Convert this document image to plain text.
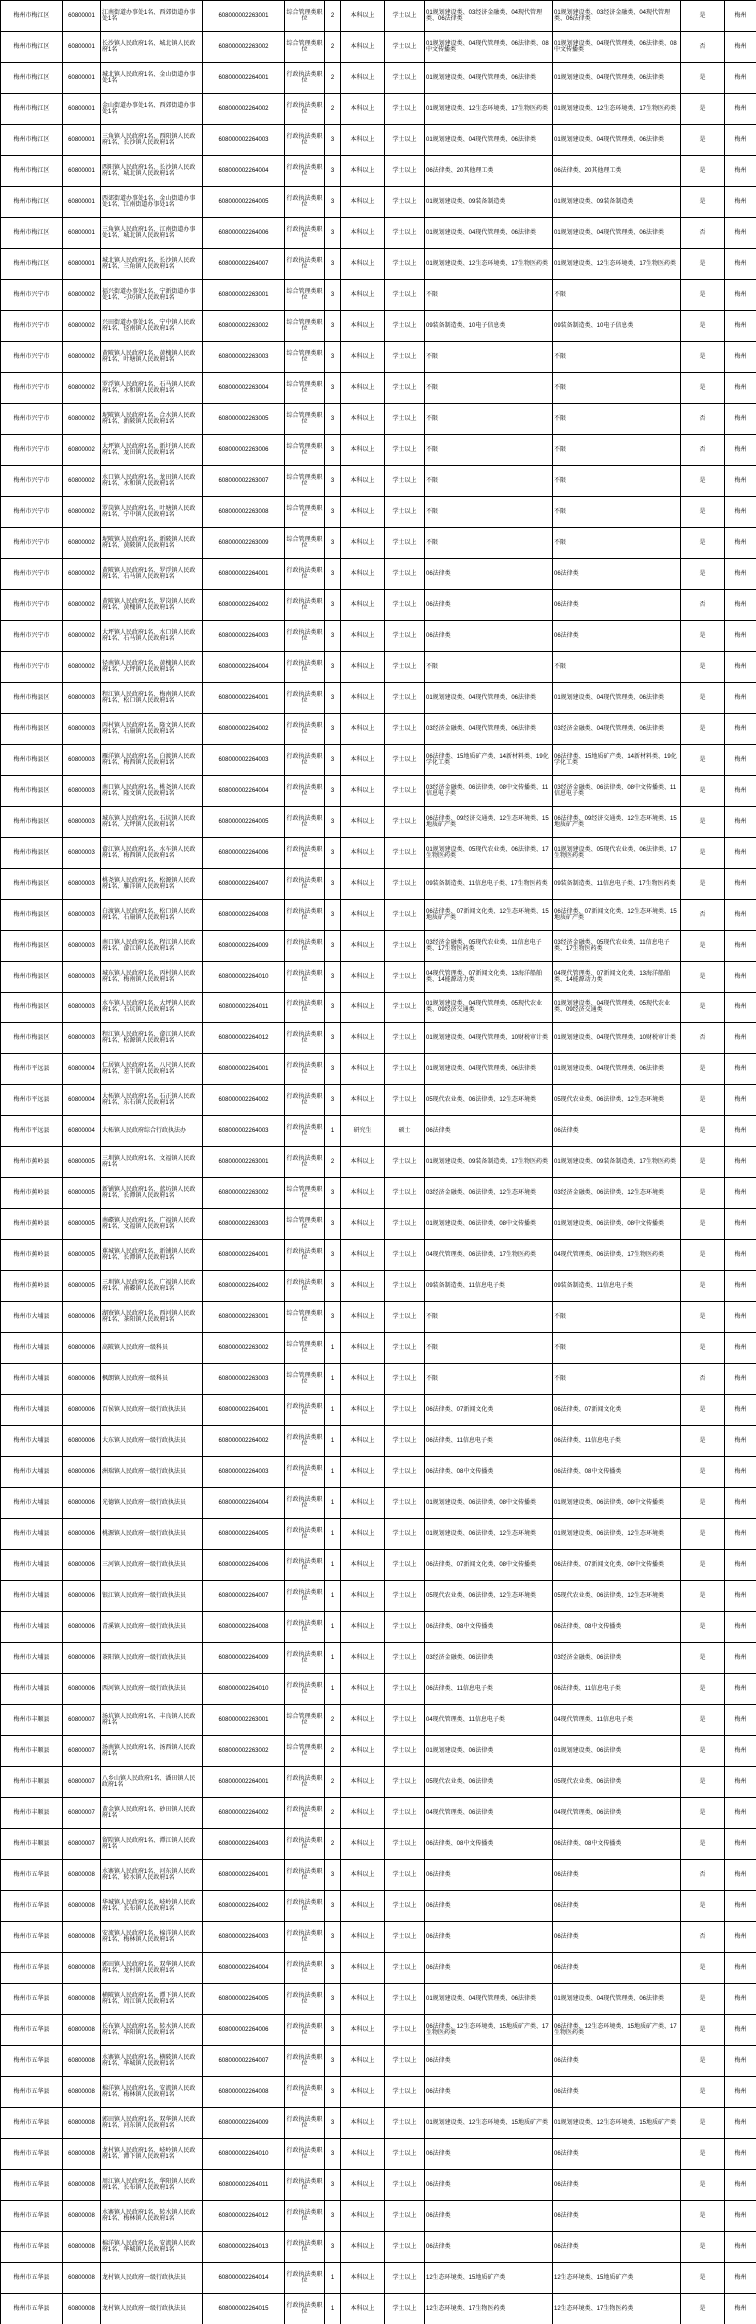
梅州市梅江区	60800001	江南街道办事处1名、西郊街道办事处1名	608000002263001	综合管理类职位	2	本科以上	学士以上	01规划建设类、03经济金融类、04现代管理类、06法律类	01规划建设类、03经济金融类、04现代管理类、06法律类	是	梅州
梅州市梅江区	60800001	长沙镇人民政府1名、城北镇人民政府1名	608000002263002	综合管理类职位	2	本科以上	学士以上	01规划建设类、04现代管理类、06法律类、08中文传播类	01规划建设类、04现代管理类、06法律类、08中文传播类	否	梅州
梅州市梅江区	60800001	城北镇人民政府1名、金山街道办事处1名	608000002264001	行政执法类职位	2	本科以上	学士以上	01规划建设类、04现代管理类、06法律类	01规划建设类、04现代管理类、06法律类	是	梅州
梅州市梅江区	60800001	金山街道办事处1名、西郊街道办事处1名	608000002264002	行政执法类职位	2	本科以上	学士以上	01规划建设类、12生态环境类、17生物医药类	01规划建设类、12生态环境类、17生物医药类	是	梅州
梅州市梅江区	60800001	三角镇人民政府1名、西阳镇人民政府1名、长沙镇人民政府1名	608000002264003	行政执法类职位	3	本科以上	学士以上	01规划建设类、04现代管理类、06法律类	01规划建设类、04现代管理类、06法律类	是	梅州
梅州市梅江区	60800001	西阳镇人民政府1名、长沙镇人民政府1名、城北镇人民政府1名	608000002264004	行政执法类职位	3	本科以上	学士以上	06法律类、20其他理工类	06法律类、20其他理工类	是	梅州
梅州市梅江区	60800001	西郊街道办事处1名、金山街道办事处1名、江南街道办事处1名	608000002264005	行政执法类职位	3	本科以上	学士以上	01规划建设类、09装备制造类	01规划建设类、09装备制造类	是	梅州
梅州市梅江区	60800001	三角镇人民政府1名、江南街道办事处1名、城北镇人民政府1名	608000002264006	行政执法类职位	3	本科以上	学士以上	01规划建设类、04现代管理类、06法律类	01规划建设类、04现代管理类、06法律类	否	梅州
梅州市梅江区	60800001	城北镇人民政府1名、长沙镇人民政府1名、三角镇人民政府1名	608000002264007	行政执法类职位	3	本科以上	学士以上	01规划建设类、12生态环境类、17生物医药类	01规划建设类、12生态环境类、17生物医药类	是	梅州
梅州市兴宁市	60800002	福兴街道办事处1名、宁新街道办事处1名、刁坊镇人民政府1名	608000002263001	综合管理类职位	3	本科以上	学士以上	不限	不限	是	梅州
梅州市兴宁市	60800002	兴田街道办事处1名、宁中镇人民政府1名、径南镇人民政府1名	608000002263002	综合管理类职位	3	本科以上	学士以上	09装备制造类、10电子信息类	09装备制造类、10电子信息类	是	梅州
梅州市兴宁市	60800002	黄陂镇人民政府1名、黄槐镇人民政府1名、叶塘镇人民政府1名	608000002263003	综合管理类职位	3	本科以上	学士以上	不限	不限	是	梅州
梅州市兴宁市	60800002	罗浮镇人民政府1名、石马镇人民政府1名、永和镇人民政府1名	608000002263004	综合管理类职位	3	本科以上	学士以上	不限	不限	是	梅州
梅州市兴宁市	60800002	坭陂镇人民政府1名、合水镇人民政府1名、新陂镇人民政府1名	608000002263005	综合管理类职位	3	本科以上	学士以上	不限	不限	否	梅州
梅州市兴宁市	60800002	大坪镇人民政府1名、新圩镇人民政府1名、龙田镇人民政府1名	608000002263006	综合管理类职位	3	本科以上	学士以上	不限	不限	否	梅州
梅州市兴宁市	60800002	水口镇人民政府1名、龙田镇人民政府1名、永和镇人民政府1名	608000002263007	综合管理类职位	3	本科以上	学士以上	不限	不限	是	梅州
梅州市兴宁市	60800002	罗岗镇人民政府1名、叶塘镇人民政府1名、宁中镇人民政府1名	608000002263008	综合管理类职位	3	本科以上	学士以上	不限	不限	是	梅州
梅州市兴宁市	60800002	坭陂镇人民政府1名、新陂镇人民政府1名、黄陂镇人民政府1名	608000002263009	综合管理类职位	3	本科以上	学士以上	不限	不限	是	梅州
梅州市兴宁市	60800002	黄陂镇人民政府1名、罗浮镇人民政府1名、石马镇人民政府1名	608000002264001	行政执法类职位	3	本科以上	学士以上	06法律类	06法律类	是	梅州
梅州市兴宁市	60800002	黄陂镇人民政府1名、罗岗镇人民政府1名、黄槐镇人民政府1名	608000002264002	行政执法类职位	3	本科以上	学士以上	06法律类	06法律类	否	梅州
梅州市兴宁市	60800002	大坪镇人民政府1名、水口镇人民政府1名、石马镇人民政府1名	608000002264003	行政执法类职位	3	本科以上	学士以上	06法律类	06法律类	是	梅州
梅州市兴宁市	60800002	径南镇人民政府1名、黄槐镇人民政府1名、大坪镇人民政府1名	608000002264004	行政执法类职位	3	本科以上	学士以上	不限	不限	是	梅州
梅州市梅县区	60800003	程江镇人民政府1名、梅南镇人民政府1名、松口镇人民政府1名	608000002264001	行政执法类职位	3	本科以上	学士以上	01规划建设类、04现代管理类、06法律类	01规划建设类、04现代管理类、06法律类	是	梅州
梅州市梅县区	60800003	丙村镇人民政府1名、隆文镇人民政府1名、石扇镇人民政府1名	608000002264002	行政执法类职位	3	本科以上	学士以上	03经济金融类、04现代管理类、06法律类	03经济金融类、04现代管理类、06法律类	是	梅州
梅州市梅县区	60800003	雁洋镇人民政府1名、白渡镇人民政府1名、梅西镇人民政府1名	608000002264003	行政执法类职位	3	本科以上	学士以上	06法律类、15地质矿产类、14新材料类、19化学化工类	06法律类、15地质矿产类、14新材料类、19化学化工类	是	梅州
梅州市梅县区	60800003	南口镇人民政府1名、桃尧镇人民政府1名、隆文镇人民政府1名	608000002264004	行政执法类职位	3	本科以上	学士以上	03经济金融类、06法律类、08中文传播类、11信息电子类	03经济金融类、06法律类、08中文传播类、11信息电子类	是	梅州
梅州市梅县区	60800003	城东镇人民政府1名、石坑镇人民政府1名、大坪镇人民政府1名	608000002264005	行政执法类职位	3	本科以上	学士以上	06法律类、09经济交通类、12生态环境类、15地质矿产类	06法律类、09经济交通类、12生态环境类、15地质矿产类	是	梅州
梅州市梅县区	60800003	畲江镇人民政府1名、水车镇人民政府1名、梅西镇人民政府1名	608000002264006	行政执法类职位	3	本科以上	学士以上	01规划建设类、05现代农业类、06法律类、17生物医药类	01规划建设类、05现代农业类、06法律类、17生物医药类	是	梅州
梅州市梅县区	60800003	桃尧镇人民政府1名、松源镇人民政府1名、雁洋镇人民政府1名	608000002264007	行政执法类职位	3	本科以上	学士以上	09装备制造类、11信息电子类、17生物医药类	09装备制造类、11信息电子类、17生物医药类	是	梅州
梅州市梅县区	60800003	白渡镇人民政府1名、松口镇人民政府1名、石扇镇人民政府1名	608000002264008	行政执法类职位	3	本科以上	学士以上	06法律类、07新闻文化类、12生态环境类、15地质矿产类	06法律类、07新闻文化类、12生态环境类、15地质矿产类	否	梅州
梅州市梅县区	60800003	南口镇人民政府1名、程江镇人民政府1名、畲江镇人民政府1名	608000002264009	行政执法类职位	3	本科以上	学士以上	03经济金融类、05现代农业类、11信息电子类、17生物医药类	03经济金融类、05现代农业类、11信息电子类、17生物医药类	是	梅州
梅州市梅县区	60800003	城东镇人民政府1名、丙村镇人民政府1名、梅南镇人民政府1名	608000002264010	行政执法类职位	3	本科以上	学士以上	04现代管理类、07新闻文化类、13海洋船舶类、14能源动力类	04现代管理类、07新闻文化类、13海洋船舶类、14能源动力类	是	梅州
梅州市梅县区	60800003	水车镇人民政府1名、大坪镇人民政府1名、石坑镇人民政府1名	608000002264011	行政执法类职位	3	本科以上	学士以上	01规划建设类、04现代管理类、05现代农业类、09经济交通类	01规划建设类、04现代管理类、05现代农业类、09经济交通类	是	梅州
梅州市梅县区	60800003	程江镇人民政府1名、畲江镇人民政府1名、松源镇人民政府1名	608000002264012	行政执法类职位	3	本科以上	学士以上	01规划建设类、04现代管理类、10财税审计类	01规划建设类、04现代管理类、10财税审计类	否	梅州
梅州市平远县	60800004	仁居镇人民政府1名、八尺镇人民政府1名、差干镇人民政府1名	608000002264001	行政执法类职位	3	本科以上	学士以上	01规划建设类、04现代管理类、06法律类	01规划建设类、04现代管理类、06法律类	是	梅州
梅州市平远县	60800004	大柘镇人民政府1名、石正镇人民政府1名、东石镇人民政府1名	608000002264002	行政执法类职位	3	本科以上	学士以上	05现代农业类、06法律类、12生态环境类	05现代农业类、06法律类、12生态环境类	是	梅州
梅州市平远县	60800004	大柘镇人民政府综合行政执法办	608000002264003	行政执法类职位	1	研究生	硕士	06法律类	06法律类	是	梅州
梅州市蕉岭县	60800005	三圳镇人民政府1名、文福镇人民政府1名	608000002263001	行政执法类职位	2	本科以上	学士以上	01规划建设类、09装备制造类、17生物医药类	01规划建设类、09装备制造类、17生物医药类	是	梅州
梅州市蕉岭县	60800005	新铺镇人民政府1名、蓝坊镇人民政府1名、长潭镇人民政府1名	608000002263002	综合管理类职位	3	本科以上	学士以上	03经济金融类、06法律类、12生态环境类	03经济金融类、06法律类、12生态环境类	是	梅州
梅州市蕉岭县	60800005	南磜镇人民政府1名、广福镇人民政府1名、文福镇人民政府1名	608000002263003	综合管理类职位	3	本科以上	学士以上	01规划建设类、06法律类、08中文传播类	01规划建设类、06法律类、08中文传播类	是	梅州
梅州市蕉岭县	60800005	蕉城镇人民政府1名、新铺镇人民政府1名、长潭镇人民政府1名	608000002264001	行政执法类职位	3	本科以上	学士以上	04现代管理类、06法律类、17生物医药类	04现代管理类、06法律类、17生物医药类	是	梅州
梅州市蕉岭县	60800005	三圳镇人民政府1名、广福镇人民政府1名、南磜镇人民政府1名	608000002264002	行政执法类职位	3	本科以上	学士以上	09装备制造类、11信息电子类	09装备制造类、11信息电子类	是	梅州
梅州市大埔县	60800006	湖寮镇人民政府1名、西河镇人民政府1名、茶阳镇人民政府1名	608000002263001	综合管理类职位	3	本科以上	学士以上	不限	不限	是	梅州
梅州市大埔县	60800006	高陂镇人民政府一级科员	608000002263002	综合管理类职位	1	本科以上	学士以上	不限	不限	是	梅州
梅州市大埔县	60800006	枫朗镇人民政府一级科员	608000002263003	综合管理类职位	1	本科以上	学士以上	不限	不限	否	梅州
梅州市大埔县	60800006	百侯镇人民政府一级行政执法员	608000002264001	行政执法类职位	1	本科以上	学士以上	06法律类、07新闻文化类	06法律类、07新闻文化类	是	梅州
梅州市大埔县	60800006	大东镇人民政府一级行政执法员	608000002264002	行政执法类职位	1	本科以上	学士以上	06法律类、11信息电子类	06法律类、11信息电子类	是	梅州
梅州市大埔县	60800006	洲瑞镇人民政府一级行政执法员	608000002264003	行政执法类职位	1	本科以上	学士以上	06法律类、08中文传播类	06法律类、08中文传播类	是	梅州
梅州市大埔县	60800006	光德镇人民政府一级行政执法员	608000002264004	行政执法类职位	1	本科以上	学士以上	01规划建设类、06法律类、08中文传播类	01规划建设类、06法律类、08中文传播类	是	梅州
梅州市大埔县	60800006	桃源镇人民政府一级行政执法员	608000002264005	行政执法类职位	1	本科以上	学士以上	01规划建设类、06法律类、12生态环境类	01规划建设类、06法律类、12生态环境类	是	梅州
梅州市大埔县	60800006	三河镇人民政府一级行政执法员	608000002264006	行政执法类职位	1	本科以上	学士以上	06法律类、07新闻文化类、08中文传播类	06法律类、07新闻文化类、08中文传播类	是	梅州
梅州市大埔县	60800006	银江镇人民政府一级行政执法员	608000002264007	行政执法类职位	1	本科以上	学士以上	05现代农业类、06法律类、12生态环境类	05现代农业类、06法律类、12生态环境类	是	梅州
梅州市大埔县	60800006	青溪镇人民政府一级行政执法员	608000002264008	行政执法类职位	1	本科以上	学士以上	06法律类、08中文传播类	06法律类、08中文传播类	是	梅州
梅州市大埔县	60800006	茶阳镇人民政府一级行政执法员	608000002264009	行政执法类职位	1	本科以上	学士以上	03经济金融类、06法律类	03经济金融类、06法律类	是	梅州
梅州市大埔县	60800006	西河镇人民政府一级行政执法员	608000002264010	行政执法类职位	1	本科以上	学士以上	06法律类、11信息电子类	06法律类、11信息电子类	是	梅州
梅州市丰顺县	60800007	汤坑镇人民政府1名、丰良镇人民政府1名	608000002263001	综合管理类职位	2	本科以上	学士以上	04现代管理类、11信息电子类	04现代管理类、11信息电子类	是	梅州
梅州市丰顺县	60800007	汤南镇人民政府1名、汤西镇人民政府1名	608000002263002	综合管理类职位	2	本科以上	学士以上	01规划建设类、06法律类	01规划建设类、06法律类	是	梅州
梅州市丰顺县	60800007	八乡山镇人民政府1名、潘田镇人民政府1名	608000002264001	行政执法类职位	2	本科以上	学士以上	05现代农业类、06法律类	05现代农业类、06法律类	是	梅州
梅州市丰顺县	60800007	黄金镇人民政府1名、砂田镇人民政府1名	608000002264002	行政执法类职位	2	本科以上	学士以上	04现代管理类、06法律类	04现代管理类、06法律类	是	梅州
梅州市丰顺县	60800007	留隍镇人民政府1名、潭江镇人民政府1名	608000002264003	行政执法类职位	2	本科以上	学士以上	06法律类、08中文传播类	06法律类、08中文传播类	是	梅州
梅州市五华县	60800008	水寨镇人民政府1名、河东镇人民政府1名、转水镇人民政府1名	608000002264001	行政执法类职位	3	本科以上	学士以上	06法律类	06法律类	否	梅州
梅州市五华县	60800008	华城镇人民政府1名、岐岭镇人民政府1名、长布镇人民政府1名	608000002264002	行政执法类职位	3	本科以上	学士以上	06法律类	06法律类	是	梅州
梅州市五华县	60800008	安流镇人民政府1名、棉洋镇人民政府1名、梅林镇人民政府1名	608000002264003	行政执法类职位	3	本科以上	学士以上	06法律类	06法律类	否	梅州
梅州市五华县	60800008	郭田镇人民政府1名、双华镇人民政府1名、龙村镇人民政府1名	608000002264004	行政执法类职位	3	本科以上	学士以上	06法律类	06法律类	是	梅州
梅州市五华县	60800008	横陂镇人民政府1名、潭下镇人民政府1名、周江镇人民政府1名	608000002264005	行政执法类职位	3	本科以上	学士以上	01规划建设类、04现代管理类、06法律类	01规划建设类、04现代管理类、06法律类	是	梅州
梅州市五华县	60800008	长布镇人民政府1名、转水镇人民政府1名、华阳镇人民政府1名	608000002264006	行政执法类职位	3	本科以上	学士以上	06法律类、12生态环境类、15地质矿产类、17生物医药类	06法律类、12生态环境类、15地质矿产类、17生物医药类	是	梅州
梅州市五华县	60800008	水寨镇人民政府1名、横陂镇人民政府1名、华城镇人民政府1名	608000002264007	行政执法类职位	3	本科以上	学士以上	06法律类	06法律类	是	梅州
梅州市五华县	60800008	棉洋镇人民政府1名、安流镇人民政府1名、梅林镇人民政府1名	608000002264008	行政执法类职位	3	本科以上	学士以上	06法律类	06法律类	是	梅州
梅州市五华县	60800008	郭田镇人民政府1名、双华镇人民政府1名、河东镇人民政府1名	608000002264009	行政执法类职位	3	本科以上	学士以上	01规划建设类、12生态环境类、15地质矿产类	01规划建设类、12生态环境类、15地质矿产类	是	梅州
梅州市五华县	60800008	龙村镇人民政府1名、岐岭镇人民政府1名、潭下镇人民政府1名	608000002264010	行政执法类职位	3	本科以上	学士以上	06法律类	06法律类	是	梅州
梅州市五华县	60800008	周江镇人民政府1名、华阳镇人民政府1名、长布镇人民政府1名	608000002264011	行政执法类职位	3	本科以上	学士以上	06法律类	06法律类	是	梅州
梅州市五华县	60800008	水寨镇人民政府1名、转水镇人民政府1名、梅林镇人民政府1名	608000002264012	行政执法类职位	3	本科以上	学士以上	06法律类	06法律类	是	梅州
梅州市五华县	60800008	棉洋镇人民政府1名、安流镇人民政府1名、华城镇人民政府1名	608000002264013	行政执法类职位	3	本科以上	学士以上	06法律类	06法律类	是	梅州
梅州市五华县	60800008	龙村镇人民政府一级行政执法员	608000002264014	行政执法类职位	1	本科以上	学士以上	12生态环境类、15地质矿产类	12生态环境类、15地质矿产类	是	梅州
梅州市五华县	60800008	龙村镇人民政府一级行政执法员	608000002264015	行政执法类职位	1	本科以上	学士以上	12生态环境类、17生物医药类	12生态环境类、17生物医药类	是	梅州
